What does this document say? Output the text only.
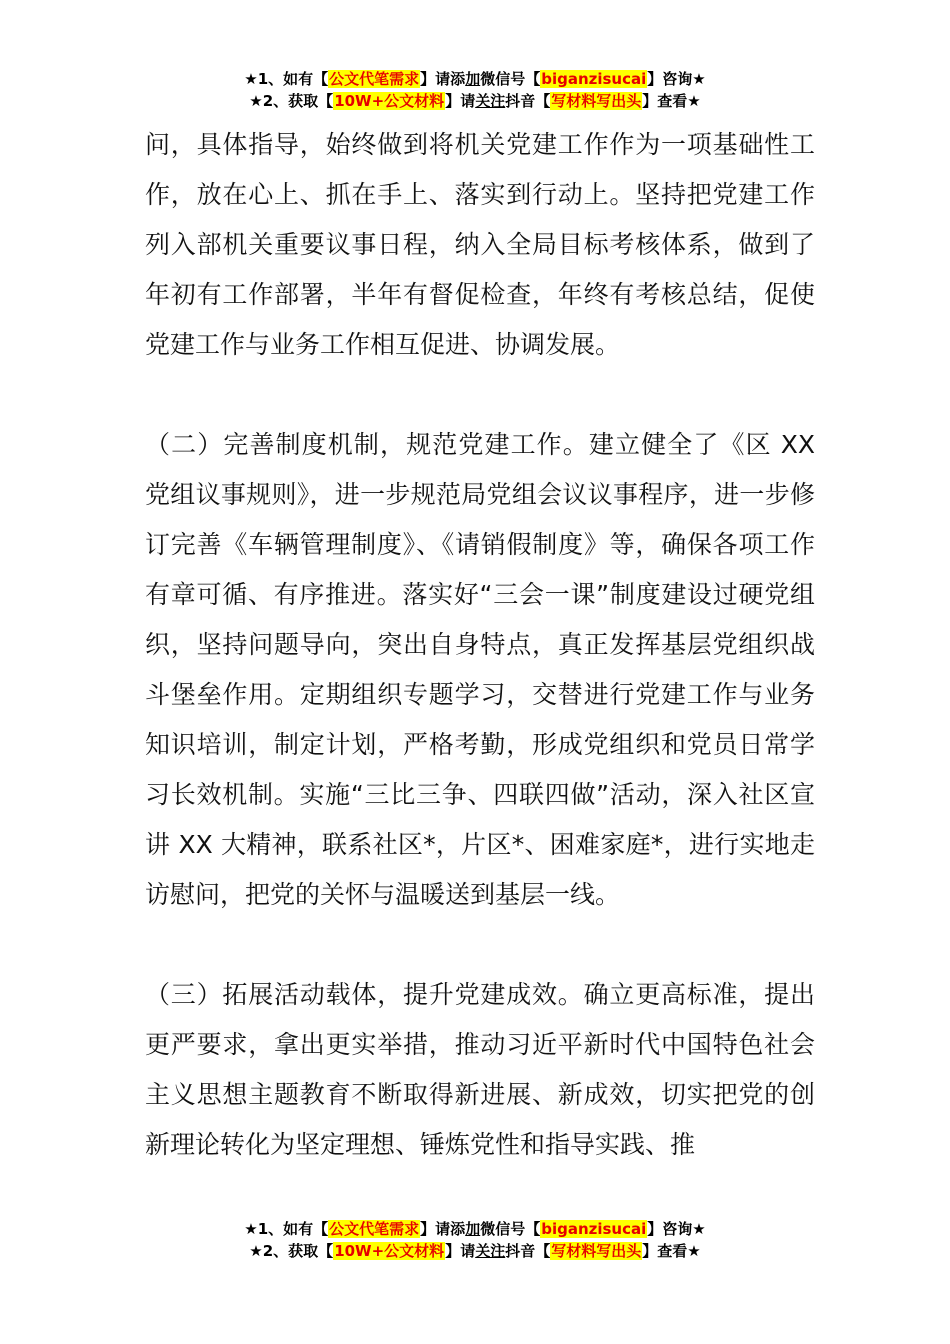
★1、如有【公文代笔需求】请添加微信号【biganzisucai】咨询★
★2、获取【10W+公文材料】请关注抖音【写材料写出头】查看★

问，具体指导，始终做到将机关党建工作作为一项基础性工作，放在心上、抓在手上、落实到行动上。坚持把党建工作列入部机关重要议事日程，纳入全局目标考核体系，做到了年初有工作部署，半年有督促检查，年终有考核总结，促使党建工作与业务工作相互促进、协调发展。

（二）完善制度机制，规范党建工作。建立健全了《区 XX 党组议事规则》，进一步规范局党组会议议事程序，进一步修订完善《车辆管理制度》、《请销假制度》等，确保各项工作有章可循、有序推进。落实好“三会一课”制度建设过硬党组织，坚持问题导向，突出自身特点，真正发挥基层党组织战斗堡垒作用。定期组织专题学习，交替进行党建工作与业务知识培训，制定计划，严格考勤，形成党组织和党员日常学习长效机制。实施“三比三争、四联四做”活动，深入社区宣讲 XX 大精神，联系社区*，片区*、困难家庭*，进行实地走访慰问，把党的关怀与温暖送到基层一线。

（三）拓展活动载体，提升党建成效。确立更高标准，提出更严要求，拿出更实举措，推动习近平新时代中国特色社会主义思想主题教育不断取得新进展、新成效，切实把党的创新理论转化为坚定理想、锤炼党性和指导实践、推

★1、如有【公文代笔需求】请添加微信号【biganzisucai】咨询★
★2、获取【10W+公文材料】请关注抖音【写材料写出头】查看★
